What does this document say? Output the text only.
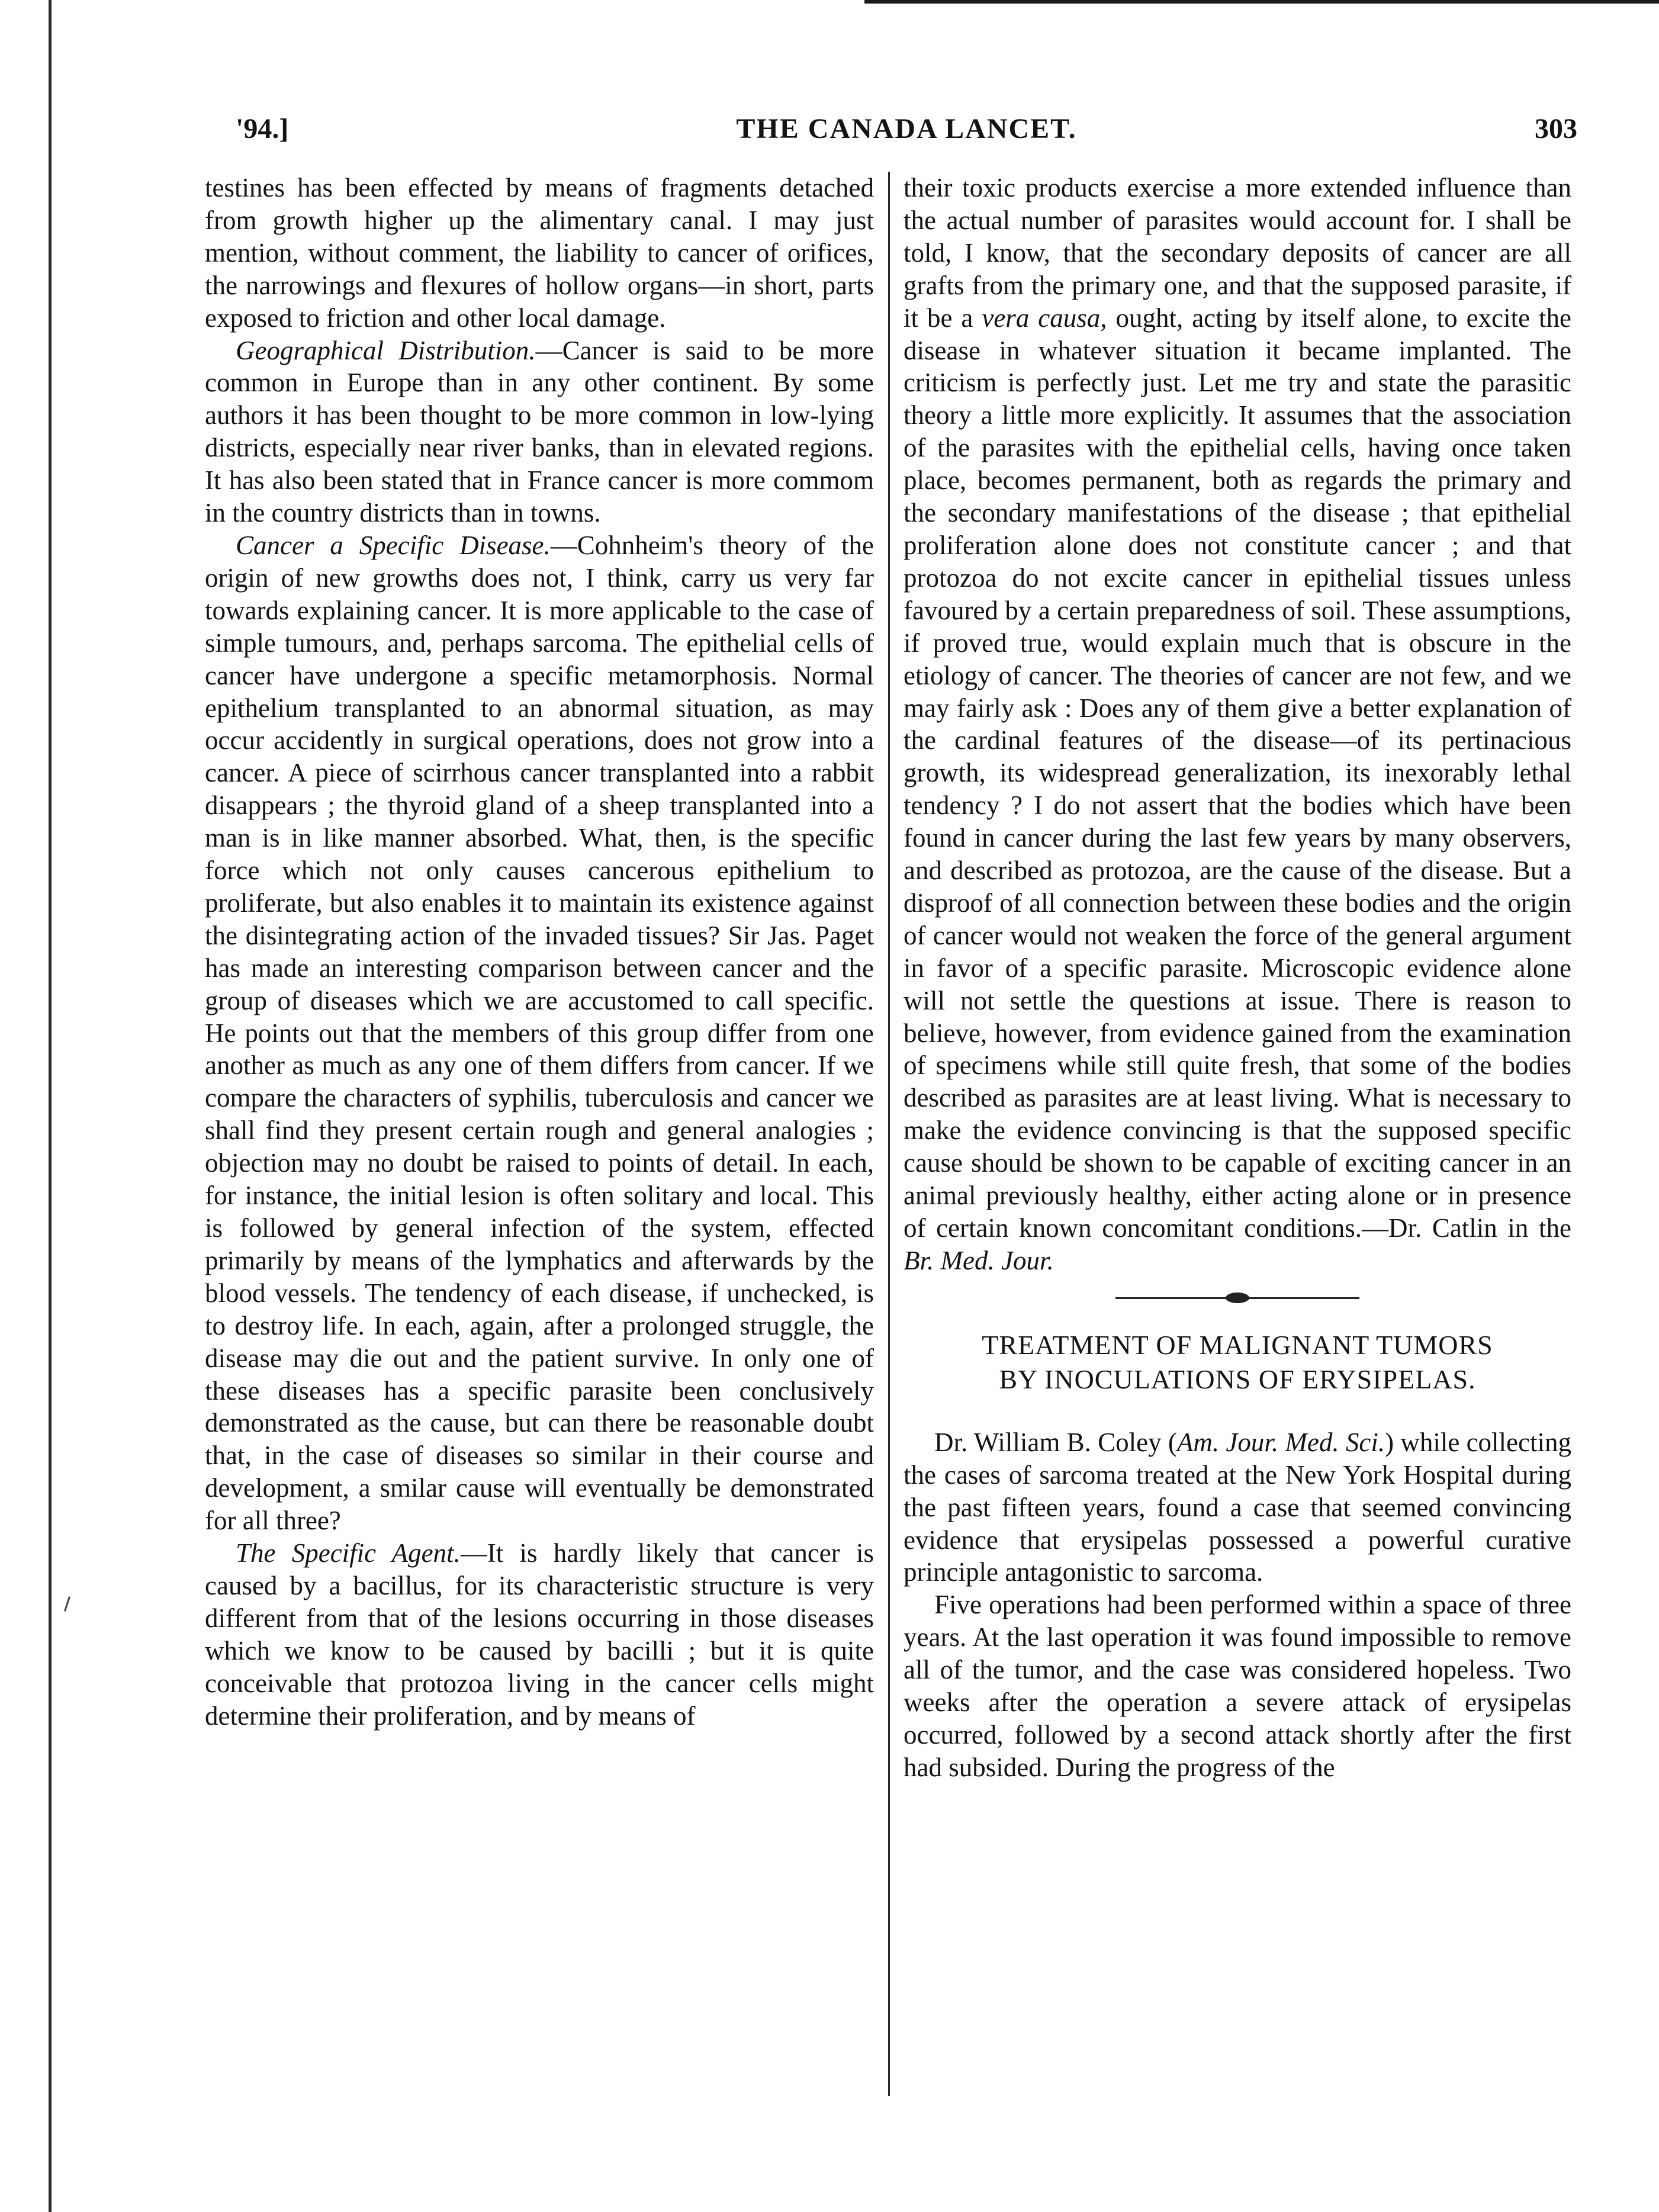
'94.]	THE CANADA LANCET.	303

testines has been effected by means of fragments detached from growth higher up the alimentary canal. I may just mention, without comment, the liability to cancer of orifices, the narrowings and flexures of hollow organs—in short, parts exposed to friction and other local damage.

Geographical Distribution.—Cancer is said to be more common in Europe than in any other continent. By some authors it has been thought to be more common in low-lying districts, especially near river banks, than in elevated regions. It has also been stated that in France cancer is more commom in the country districts than in towns.

Cancer a Specific Disease.—Cohnheim's theory of the origin of new growths does not, I think, carry us very far towards explaining cancer. It is more applicable to the case of simple tumours, and, perhaps sarcoma. The epithelial cells of cancer have undergone a specific metamorphosis. Normal epithelium transplanted to an abnormal situation, as may occur accidently in surgical operations, does not grow into a cancer. A piece of scirrhous cancer transplanted into a rabbit disappears ; the thyroid gland of a sheep transplanted into a man is in like manner absorbed. What, then, is the specific force which not only causes cancerous epithelium to proliferate, but also enables it to maintain its existence against the disintegrating action of the invaded tissues? Sir Jas. Paget has made an interesting comparison between cancer and the group of diseases which we are accustomed to call specific. He points out that the members of this group differ from one another as much as any one of them differs from cancer. If we compare the characters of syphilis, tuberculosis and cancer we shall find they present certain rough and general analogies ; objection may no doubt be raised to points of detail. In each, for instance, the initial lesion is often solitary and local. This is followed by general infection of the system, effected primarily by means of the lymphatics and afterwards by the blood vessels. The tendency of each disease, if unchecked, is to destroy life. In each, again, after a prolonged struggle, the disease may die out and the patient survive. In only one of these diseases has a specific parasite been conclusively demonstrated as the cause, but can there be reasonable doubt that, in the case of diseases so similar in their course and development, a smilar cause will eventually be demonstrated for all three?

The Specific Agent.—It is hardly likely that cancer is caused by a bacillus, for its characteristic structure is very different from that of the lesions occurring in those diseases which we know to be caused by bacilli ; but it is quite conceivable that protozoa living in the cancer cells might determine their proliferation, and by means of

their toxic products exercise a more extended influence than the actual number of parasites would account for. I shall be told, I know, that the secondary deposits of cancer are all grafts from the primary one, and that the supposed parasite, if it be a vera causa, ought, acting by itself alone, to excite the disease in whatever situation it became implanted. The criticism is perfectly just. Let me try and state the parasitic theory a little more explicitly. It assumes that the association of the parasites with the epithelial cells, having once taken place, becomes permanent, both as regards the primary and the secondary manifestations of the disease ; that epithelial proliferation alone does not constitute cancer ; and that protozoa do not excite cancer in epithelial tissues unless favoured by a certain preparedness of soil. These assumptions, if proved true, would explain much that is obscure in the etiology of cancer. The theories of cancer are not few, and we may fairly ask : Does any of them give a better explanation of the cardinal features of the disease—of its pertinacious growth, its widespread generalization, its inexorably lethal tendency ? I do not assert that the bodies which have been found in cancer during the last few years by many observers, and described as protozoa, are the cause of the disease. But a disproof of all connection between these bodies and the origin of cancer would not weaken the force of the general argument in favor of a specific parasite. Microscopic evidence alone will not settle the questions at issue. There is reason to believe, however, from evidence gained from the examination of specimens while still quite fresh, that some of the bodies described as parasites are at least living. What is necessary to make the evidence convincing is that the supposed specific cause should be shown to be capable of exciting cancer in an animal previously healthy, either acting alone or in presence of certain known concomitant conditions.—Dr. Catlin in the Br. Med. Jour.

TREATMENT OF MALIGNANT TUMORS
BY INOCULATIONS OF ERYSIPELAS.

Dr. William B. Coley (Am. Jour. Med. Sci.) while collecting the cases of sarcoma treated at the New York Hospital during the past fifteen years, found a case that seemed convincing evidence that erysipelas possessed a powerful curative principle antagonistic to sarcoma.

Five operations had been performed within a space of three years. At the last operation it was found impossible to remove all of the tumor, and the case was considered hopeless. Two weeks after the operation a severe attack of erysipelas occurred, followed by a second attack shortly after the first had subsided. During the progress of the
